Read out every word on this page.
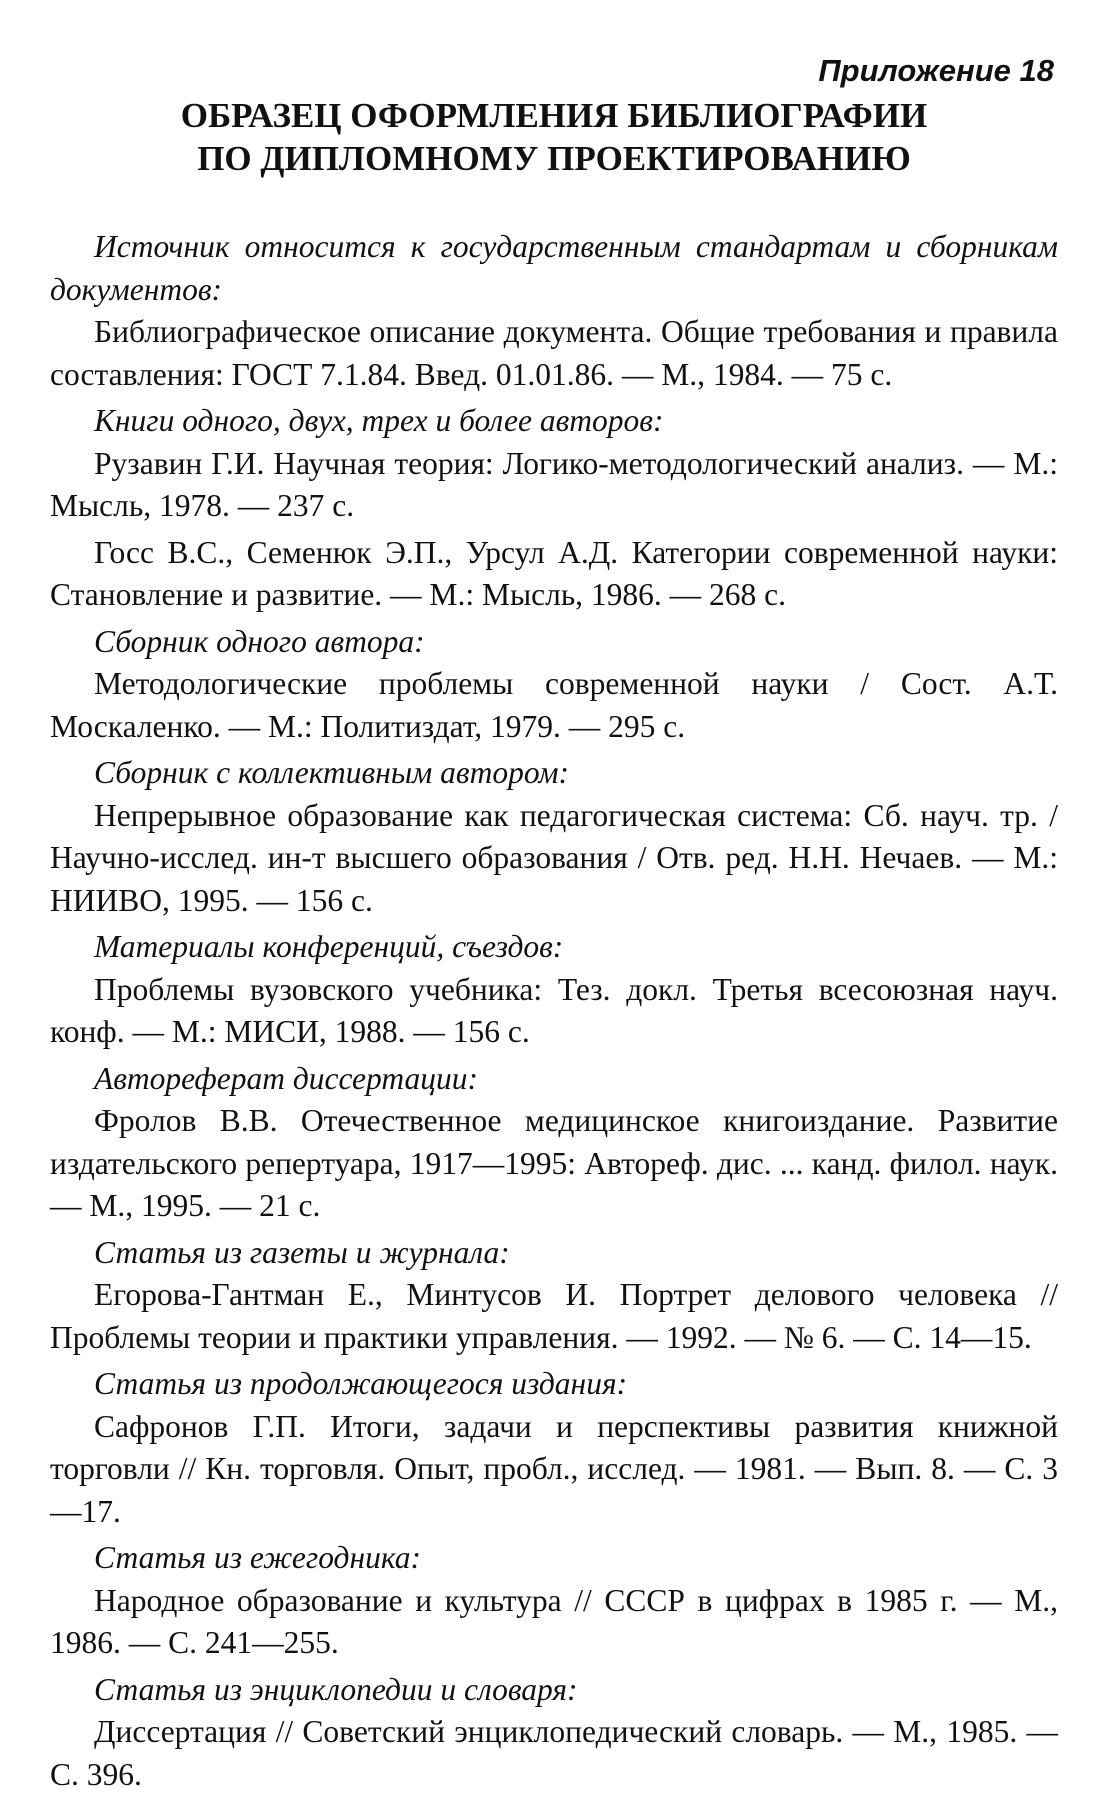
Приложение 18
ОБРАЗЕЦ ОФОРМЛЕНИЯ БИБЛИОГРАФИИ
ПО ДИПЛОМНОМУ ПРОЕКТИРОВАНИЮ

Источник относится к государственным стандартам и сборникам документов:

Библиографическое описание документа. Общие требования и правила составления: ГОСТ 7.1.84. Введ. 01.01.86. — М., 1984. — 75 с.

Книги одного, двух, трех и более авторов:

Рузавин Г.И. Научная теория: Логико-методологический анализ. — М.: Мысль, 1978. — 237 с.

Госс В.С., Семенюк Э.П., Урсул А.Д. Категории современной науки: Становление и развитие. — М.: Мысль, 1986. — 268 с.

Сборник одного автора:

Методологические проблемы современной науки / Сост. А.Т. Москаленко. — М.: Политиздат, 1979. — 295 с.

Сборник с коллективным автором:

Непрерывное образование как педагогическая система: Сб. науч. тр. / Научно-исслед. ин-т высшего образования / Отв. ред. Н.Н. Нечаев. — М.: НИИВО, 1995. — 156 с.

Материалы конференций, съездов:

Проблемы вузовского учебника: Тез. докл. Третья всесоюзная науч. конф. — М.: МИСИ, 1988. — 156 с.

Автореферат диссертации:

Фролов В.В. Отечественное медицинское книгоиздание. Развитие издательского репертуара, 1917—1995: Автореф. дис. ... канд. филол. наук. — М., 1995. — 21 с.

Статья из газеты и журнала:

Егорова-Гантман Е., Минтусов И. Портрет делового человека // Проблемы теории и практики управления. — 1992. — № 6. — С. 14—15.

Статья из продолжающегося издания:

Сафронов Г.П. Итоги, задачи и перспективы развития книжной торговли // Кн. торговля. Опыт, пробл., исслед. — 1981. — Вып. 8. — С. 3—17.

Статья из ежегодника:

Народное образование и культура // СССР в цифрах в 1985 г. — М., 1986. — С. 241—255.

Статья из энциклопедии и словаря:

Диссертация // Советский энциклопедический словарь. — М., 1985. — С. 396.
